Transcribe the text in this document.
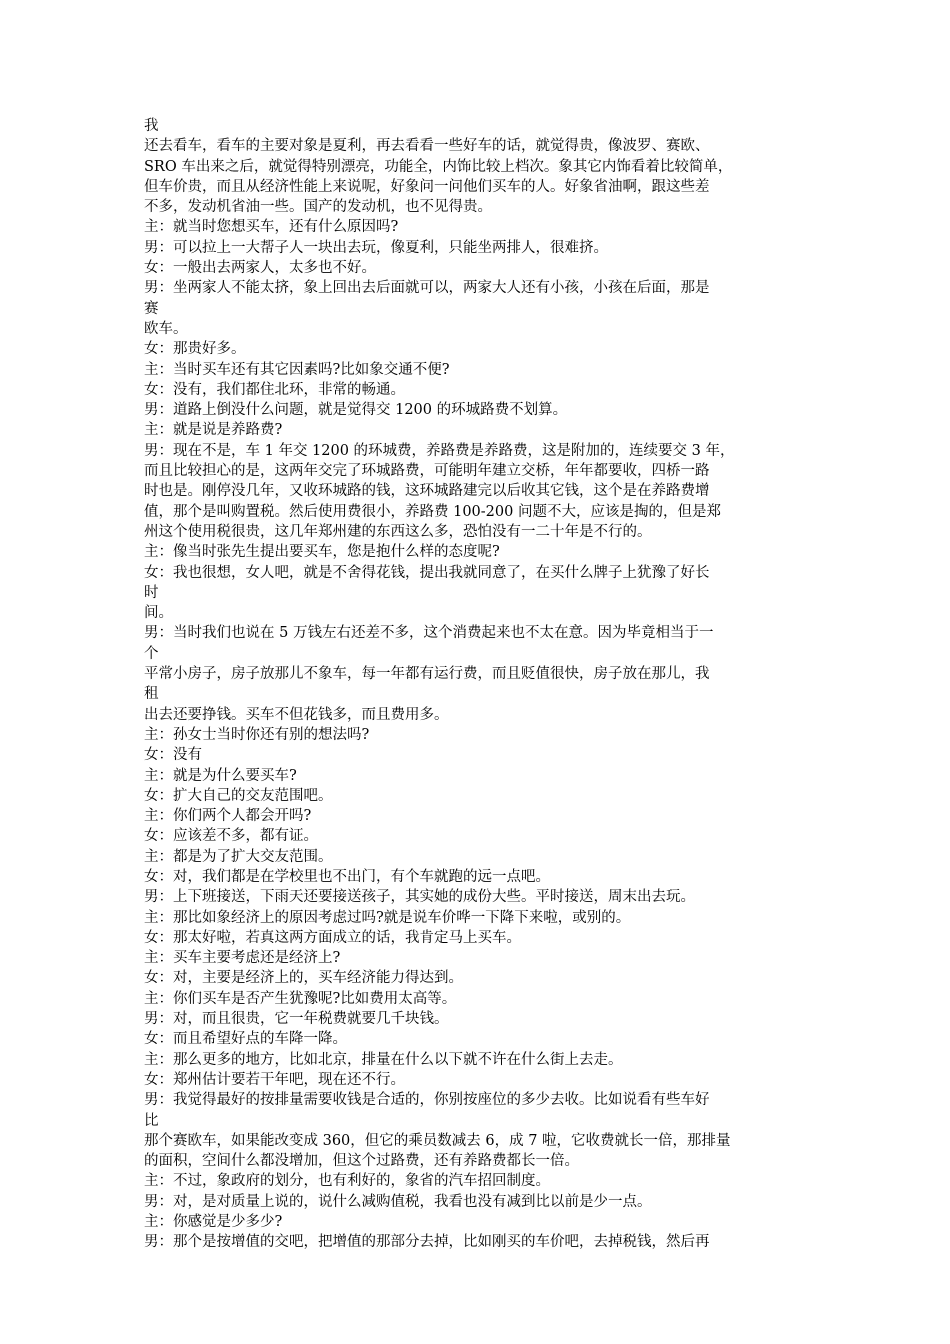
我
还去看车，看车的主要对象是夏利，再去看看一些好车的话，就觉得贵，像波罗、赛欧、
SRO 车出来之后，就觉得特别漂亮，功能全，内饰比较上档次。象其它内饰看着比较简单，
但车价贵，而且从经济性能上来说呢，好象问一问他们买车的人。好象省油啊，跟这些差
不多，发动机省油一些。国产的发动机，也不见得贵。
主：就当时您想买车，还有什么原因吗?
男：可以拉上一大帮子人一块出去玩，像夏利，只能坐两排人，很难挤。
女：一般出去两家人，太多也不好。
男：坐两家人不能太挤，象上回出去后面就可以，两家大人还有小孩，小孩在后面，那是
赛
欧车。
女：那贵好多。
主：当时买车还有其它因素吗?比如象交通不便?
女：没有，我们都住北环，非常的畅通。
男：道路上倒没什么问题，就是觉得交 1200 的环城路费不划算。
主：就是说是养路费?
男：现在不是，车 1 年交 1200 的环城费，养路费是养路费，这是附加的，连续要交 3 年，
而且比较担心的是，这两年交完了环城路费，可能明年建立交桥，年年都要收，四桥一路
时也是。刚停没几年，又收环城路的钱，这环城路建完以后收其它钱，这个是在养路费增
值，那个是叫购置税。然后使用费很小，养路费 100-200 问题不大，应该是掏的，但是郑
州这个使用税很贵，这几年郑州建的东西这么多，恐怕没有一二十年是不行的。
主：像当时张先生提出要买车，您是抱什么样的态度呢?
女：我也很想，女人吧，就是不舍得花钱，提出我就同意了，在买什么牌子上犹豫了好长
时
间。
男：当时我们也说在 5 万钱左右还差不多，这个消费起来也不太在意。因为毕竟相当于一
个
平常小房子，房子放那儿不象车，每一年都有运行费，而且贬值很快，房子放在那儿，我
租
出去还要挣钱。买车不但花钱多，而且费用多。
主：孙女士当时你还有别的想法吗?
女：没有
主：就是为什么要买车?
女：扩大自己的交友范围吧。
主：你们两个人都会开吗?
女：应该差不多，都有证。
主：都是为了扩大交友范围。
女：对，我们都是在学校里也不出门，有个车就跑的远一点吧。
男：上下班接送，下雨天还要接送孩子，其实她的成份大些。平时接送，周末出去玩。
主：那比如象经济上的原因考虑过吗?就是说车价哗一下降下来啦，或别的。
女：那太好啦，若真这两方面成立的话，我肯定马上买车。
主：买车主要考虑还是经济上?
女：对，主要是经济上的，买车经济能力得达到。
主：你们买车是否产生犹豫呢?比如费用太高等。
男：对，而且很贵，它一年税费就要几千块钱。
女：而且希望好点的车降一降。
主：那么更多的地方，比如北京，排量在什么以下就不许在什么街上去走。
女：郑州估计要若干年吧，现在还不行。
男：我觉得最好的按排量需要收钱是合适的，你别按座位的多少去收。比如说看有些车好
比
那个赛欧车，如果能改变成 360，但它的乘员数减去 6，成 7 啦，它收费就长一倍，那排量
的面积，空间什么都没增加，但这个过路费，还有养路费都长一倍。
主：不过，象政府的划分，也有利好的，象省的汽车招回制度。
男：对，是对质量上说的，说什么减购值税，我看也没有减到比以前是少一点。
主：你感觉是少多少?
男：那个是按增值的交吧，把增值的那部分去掉，比如刚买的车价吧，去掉税钱，然后再
